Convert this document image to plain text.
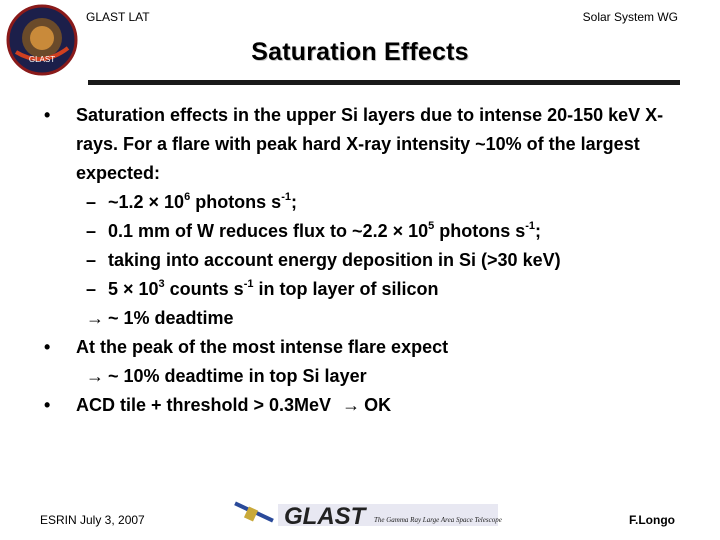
GLAST LAT	Solar System WG
GLAST	Saturation Effects
• Saturation effects in the upper Si layers due to intense 20-150 keV X-rays. For a flare with peak hard X-ray intensity ~10% of the largest expected:
– ~1.2 × $10^6$ photons $s^{-1}$;
– 0.1 mm of W reduces flux to ~2.2 × $10^5$ photons $s^{-1}$;
– taking into account energy deposition in Si (>30 keV)
– $5 \times 10^3$ counts $s^{-1}$ in top layer of silicon
→ ~ 1% deadtime
• At the peak of the most intense flare expect
→ ~ 10% deadtime in top Si layer
• ACD tile + threshold > 0.3MeV → OK
ESRIN July 3, 2007	GLAST	The Gamma Ray Large Area Space Telescope	F.Longo
